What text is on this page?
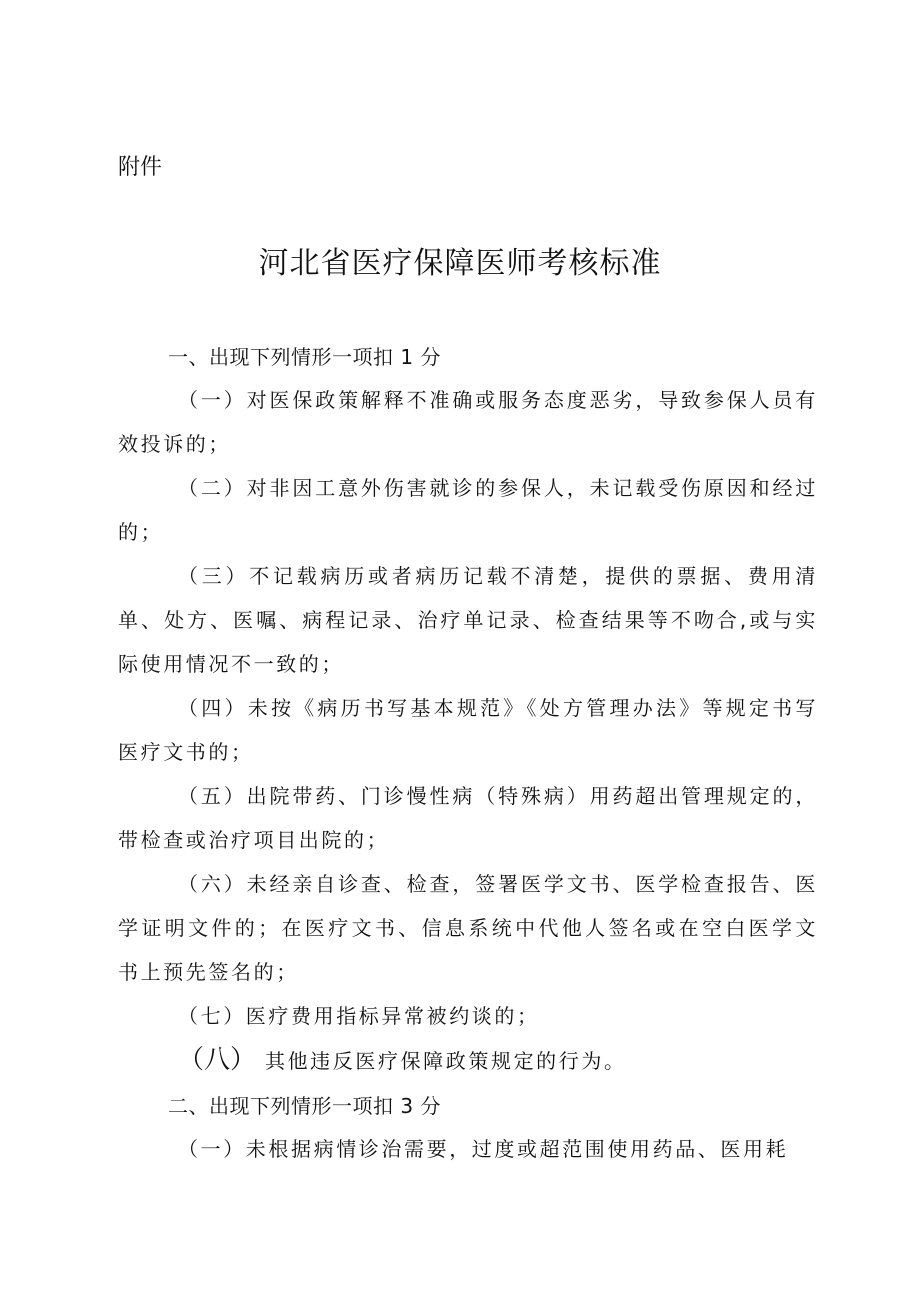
附件
河北省医疗保障医师考核标准

一、出现下列情形一项扣 1 分

（一）对医保政策解释不准确或服务态度恶劣，导致参保人员有效投诉的；

（二）对非因工意外伤害就诊的参保人，未记载受伤原因和经过的；

（三）不记载病历或者病历记载不清楚，提供的票据、费用清单、处方、医嘱、病程记录、治疗单记录、检查结果等不吻合,或与实际使用情况不一致的；

（四）未按《病历书写基本规范》《处方管理办法》等规定书写医疗文书的；

（五）出院带药、门诊慢性病（特殊病）用药超出管理规定的，带检查或治疗项目出院的；

（六）未经亲自诊查、检查，签署医学文书、医学检查报告、医学证明文件的；在医疗文书、信息系统中代他人签名或在空白医学文书上预先签名的；

（七）医疗费用指标异常被约谈的；

（八） 其他违反医疗保障政策规定的行为。

二、出现下列情形一项扣 3 分

（一）未根据病情诊治需要，过度或超范围使用药品、医用耗
